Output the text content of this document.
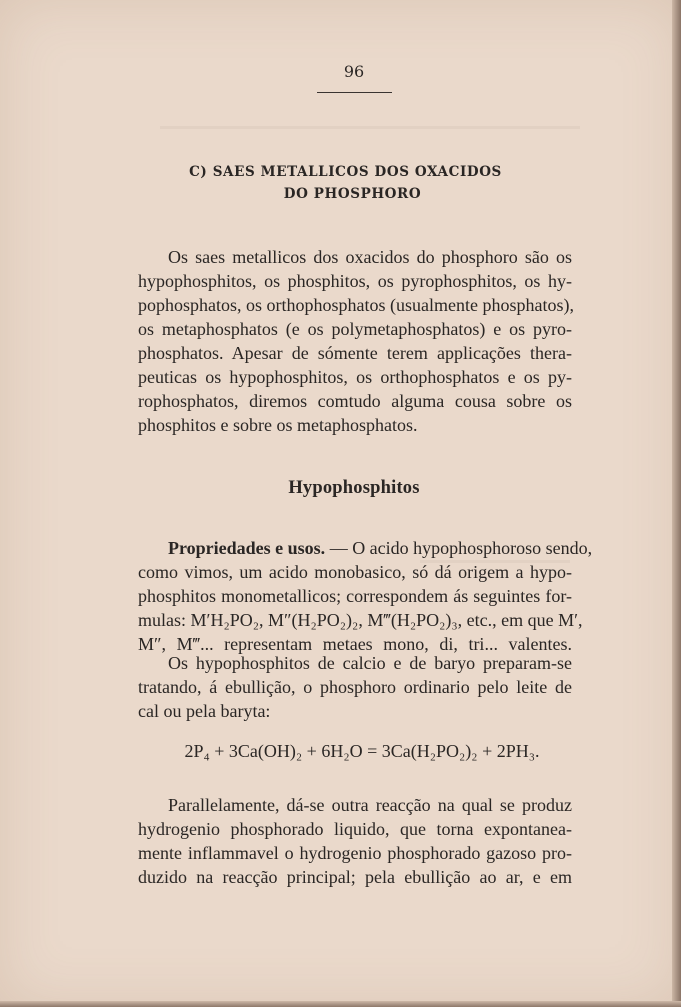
96
C) SAES METALLICOS DOS OXACIDOS
DO PHOSPHORO
Os saes metallicos dos oxacidos do phosphoro são os
hypophosphitos, os phosphitos, os pyrophosphitos, os hy-
pophosphatos, os orthophosphatos (usualmente phosphatos),
os metaphosphatos (e os polymetaphosphatos) e os pyro-
phosphatos. Apesar de sómente terem applicações thera-
peuticas os hypophosphitos, os orthophosphatos e os py-
rophosphatos, diremos comtudo alguma cousa sobre os
phosphitos e sobre os metaphosphatos.
Hypophosphitos
Propriedades e usos. — O acido hypophosphoroso sendo,
como vimos, um acido monobasico, só dá origem a hypo-
phosphitos monometallicos; correspondem ás seguintes for-
mulas: M′H₂PO₂, M″(H₂PO₂)₂, M‴(H₂PO₂)₃, etc., em que M′,
M″, M‴... representam metaes mono, di, tri... valentes.
Os hypophosphitos de calcio e de baryo preparam-se
tratando, á ebullição, o phosphoro ordinario pelo leite de
cal ou pela baryta:
2P₄ + 3Ca(OH)₂ + 6H₂O = 3Ca(H₂PO₂)₂ + 2PH₃.
Parallelamente, dá-se outra reacção na qual se produz
hydrogenio phosphorado liquido, que torna expontanea-
mente inflammavel o hydrogenio phosphorado gazoso pro-
duzido na reacção principal; pela ebullição ao ar, e em
